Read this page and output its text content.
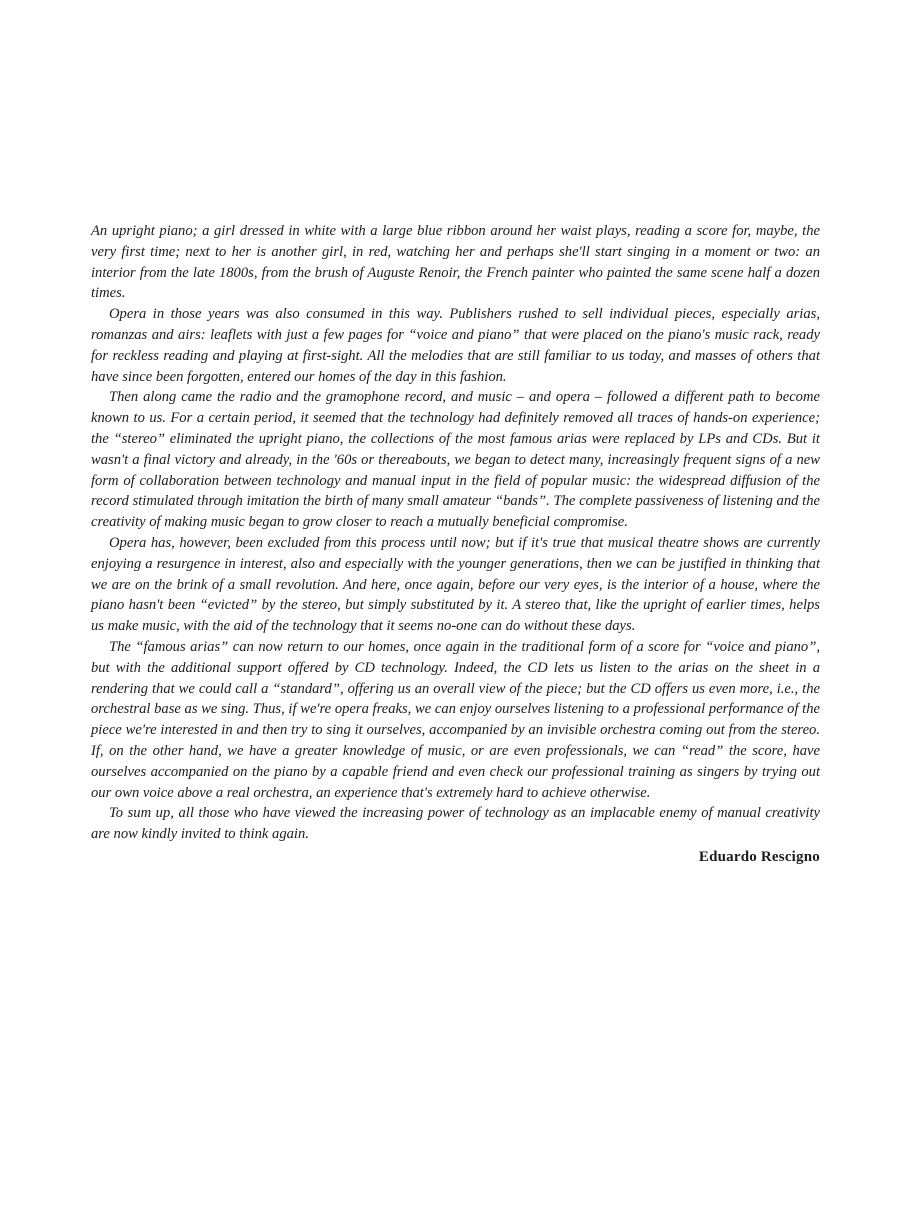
An upright piano; a girl dressed in white with a large blue ribbon around her waist plays, reading a score for, maybe, the very first time; next to her is another girl, in red, watching her and perhaps she'll start singing in a moment or two: an interior from the late 1800s, from the brush of Auguste Renoir, the French painter who painted the same scene half a dozen times.

Opera in those years was also consumed in this way. Publishers rushed to sell individual pieces, especially arias, romanzas and airs: leaflets with just a few pages for “voice and piano” that were placed on the piano's music rack, ready for reckless reading and playing at first-sight. All the melodies that are still familiar to us today, and masses of others that have since been forgotten, entered our homes of the day in this fashion.

Then along came the radio and the gramophone record, and music – and opera – followed a different path to become known to us. For a certain period, it seemed that the technology had definitely removed all traces of hands-on experience; the “stereo” eliminated the upright piano, the collections of the most famous arias were replaced by LPs and CDs. But it wasn't a final victory and already, in the '60s or thereabouts, we began to detect many, increasingly frequent signs of a new form of collaboration between technology and manual input in the field of popular music: the widespread diffusion of the record stimulated through imitation the birth of many small amateur “bands”. The complete passiveness of listening and the creativity of making music began to grow closer to reach a mutually beneficial compromise.

Opera has, however, been excluded from this process until now; but if it's true that musical theatre shows are currently enjoying a resurgence in interest, also and especially with the younger generations, then we can be justified in thinking that we are on the brink of a small revolution. And here, once again, before our very eyes, is the interior of a house, where the piano hasn't been “evicted” by the stereo, but simply substituted by it. A stereo that, like the upright of earlier times, helps us make music, with the aid of the technology that it seems no-one can do without these days.

The “famous arias” can now return to our homes, once again in the traditional form of a score for “voice and piano”, but with the additional support offered by CD technology. Indeed, the CD lets us listen to the arias on the sheet in a rendering that we could call a “standard”, offering us an overall view of the piece; but the CD offers us even more, i.e., the orchestral base as we sing. Thus, if we're opera freaks, we can enjoy ourselves listening to a professional performance of the piece we're interested in and then try to sing it ourselves, accompanied by an invisible orchestra coming out from the stereo. If, on the other hand, we have a greater knowledge of music, or are even professionals, we can “read” the score, have ourselves accompanied on the piano by a capable friend and even check our professional training as singers by trying out our own voice above a real orchestra, an experience that's extremely hard to achieve otherwise.

To sum up, all those who have viewed the increasing power of technology as an implacable enemy of manual creativity are now kindly invited to think again.

Eduardo Rescigno
